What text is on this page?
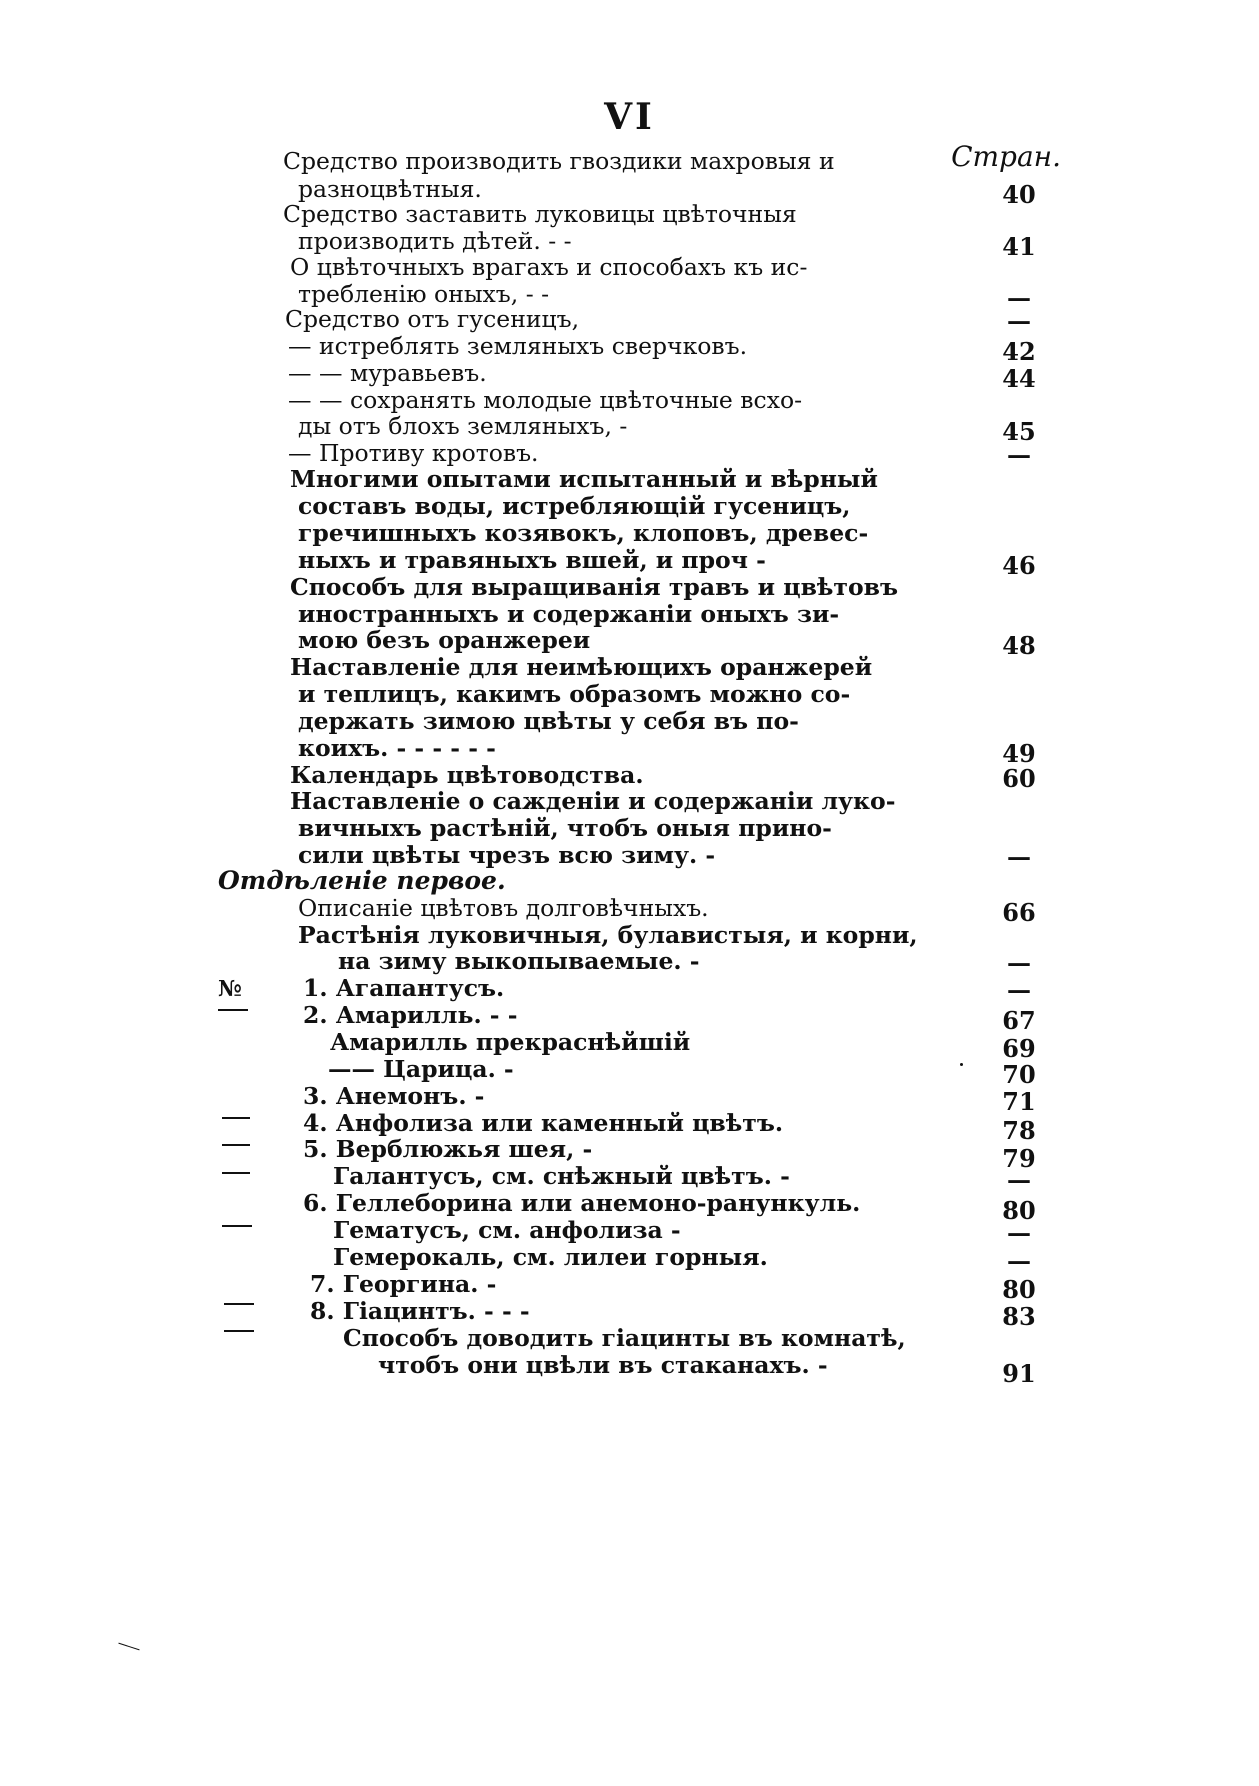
VI
Стран.
Средство производить гвоздики махровыя и
разноцвѣтныя.	40
Средство заставить луковицы цвѣточныя
производить дѣтей. - -	41
О цвѣточныхъ врагахъ и способахъ къ ис-
требленію оныхъ, - -	—
Средство отъ гусеницъ,	—
— истреблять земляныхъ сверчковъ.	42
— — муравьевъ.	44
— — сохранять молодые цвѣточные всхо-
ды отъ блохъ земляныхъ, -	45
— Противу кротовъ.	—
Многими опытами испытанный и вѣрный
составъ воды, истребляющій гусеницъ,
гречишныхъ козявокъ, клоповъ, древес-
ныхъ и травяныхъ вшей, и проч -	46
Способъ для выращиванія травъ и цвѣтовъ
иностранныхъ и содержаніи оныхъ зи-
мою безъ оранжереи	48
Наставленіе для неимѣющихъ оранжерей
и теплицъ, какимъ образомъ можно со-
держать зимою цвѣты у себя въ по-
коихъ. - - - - - -	49
Календарь цвѣтоводства.	60
Наставленіе о сажденіи и содержаніи луко-
вичныхъ растѣній, чтобъ оныя прино-
сили цвѣты чрезъ всю зиму. -	—
Отдѣленіе первое.
Описаніе цвѣтовъ долговѣчныхъ.	66
Растѣнія луковичныя, булавистыя, и корни,
на зиму выкопываемые. -	—
1. Агапантусъ.	—
2. Амарилль. - -	67
Амарилль прекраснѣйшій	69
—— Царица. -	70
3. Анемонъ. -	71
4. Анфолиза или каменный цвѣтъ.	78
5. Верблюжья шея, -	79
Галантусъ, см. снѣжный цвѣтъ. -	—
6. Геллеборина или анемоно-ранункуль.	80
Гематусъ, см. анфолиза -	—
Гемерокаль, см. лилеи горныя.	—
7. Георгина. -	80
8. Гіацинтъ. - - -	83
Способъ доводить гіацинты въ комнатѣ,
чтобъ они цвѣли въ стаканахъ. -	91
№
